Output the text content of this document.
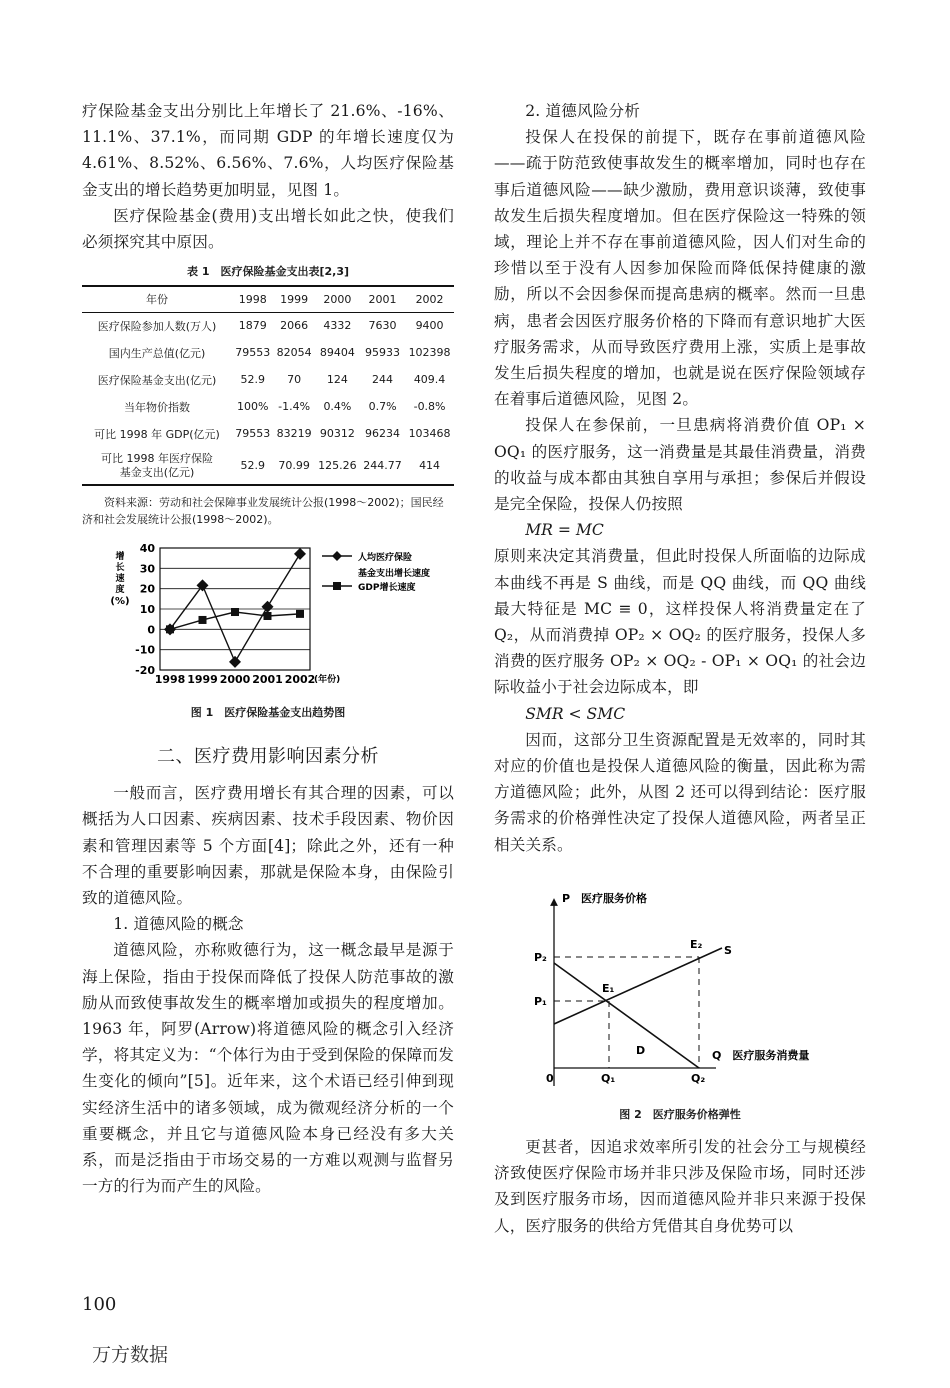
疗保险基金支出分别比上年增长了 21.6%、-16%、11.1%、37.1%，而同期 GDP 的年增长速度仅为 4.61%、8.52%、6.56%、7.6%，人均医疗保险基金支出的增长趋势更加明显，见图 1。

医疗保险基金(费用)支出增长如此之快，使我们必须探究其中原因。

表 1　医疗保险基金支出表[2,3]

年份	1998	1999	2000	2001	2002
医疗保险参加人数(万人)	1879	2066	4332	7630	9400
国内生产总值(亿元)	79553	82054	89404	95933	102398
医疗保险基金支出(亿元)	52.9	70	124	244	409.4
当年物价指数	100%	-1.4%	0.4%	0.7%	-0.8%
可比 1998 年 GDP(亿元)	79553	83219	90312	96234	103468
可比 1998 年医疗保险
基金支出(亿元)	52.9	70.99	125.26	244.77	414

资料来源：劳动和社会保障事业发展统计公报(1998～2002)；国民经济和社会发展统计公报(1998～2002)。

40
30
20
10
0
-10
-20
1998 1999 2000 2001 2002
(年份)
增
长
速
度
(%)
人均医疗保险
基金支出增长速度
GDP增长速度

图 1　医疗保险基金支出趋势图

二、医疗费用影响因素分析

一般而言，医疗费用增长有其合理的因素，可以概括为人口因素、疾病因素、技术手段因素、物价因素和管理因素等 5 个方面[4]；除此之外，还有一种不合理的重要影响因素，那就是保险本身，由保险引致的道德风险。

1. 道德风险的概念

道德风险，亦称败德行为，这一概念最早是源于海上保险，指由于投保而降低了投保人防范事故的激励从而致使事故发生的概率增加或损失的程度增加。1963 年，阿罗(Arrow)将道德风险的概念引入经济学，将其定义为：“个体行为由于受到保险的保障而发生变化的倾向”[5]。近年来，这个术语已经引伸到现实经济生活中的诸多领域，成为微观经济分析的一个重要概念，并且它与道德风险本身已经没有多大关系，而是泛指由于市场交易的一方难以观测与监督另一方的行为而产生的风险。

2. 道德风险分析

投保人在投保的前提下，既存在事前道德风险——疏于防范致使事故发生的概率增加，同时也存在事后道德风险——缺少激励，费用意识谈薄，致使事故发生后损失程度增加。但在医疗保险这一特殊的领域，理论上并不存在事前道德风险，因人们对生命的珍惜以至于没有人因参加保险而降低保持健康的激励，所以不会因参保而提高患病的概率。然而一旦患病，患者会因医疗服务价格的下降而有意识地扩大医疗服务需求，从而导致医疗费用上涨，实质上是事故发生后损失程度的增加，也就是说在医疗保险领域存在着事后道德风险，见图 2。

投保人在参保前，一旦患病将消费价值 OP₁ × OQ₁ 的医疗服务，这一消费量是其最佳消费量，消费的收益与成本都由其独自享用与承担；参保后并假设是完全保险，投保人仍按照

MR = MC

原则来决定其消费量，但此时投保人所面临的边际成本曲线不再是 S 曲线，而是 QQ 曲线，而 QQ 曲线最大特征是 MC ≡ 0，这样投保人将消费量定在了 Q₂，从而消费掉 OP₂ × OQ₂ 的医疗服务，投保人多消费的医疗服务 OP₂ × OQ₂ - OP₁ × OQ₁ 的社会边际收益小于社会边际成本，即

SMR < SMC

因而，这部分卫生资源配置是无效率的，同时其对应的价值也是投保人道德风险的衡量，因此称为需方道德风险；此外，从图 2 还可以得到结论：医疗服务需求的价格弹性决定了投保人道德风险，两者呈正相关关系。

P　医疗服务价格
Q　医疗服务消费量
0
P₂
P₁
E₁
E₂ S
D
Q₁	Q₂

图 2　医疗服务价格弹性

更甚者，因追求效率所引发的社会分工与规模经济致使医疗保险市场并非只涉及保险市场，同时还涉及到医疗服务市场，因而道德风险并非只来源于投保人，医疗服务的供给方凭借其自身优势可以

100
万方数据
